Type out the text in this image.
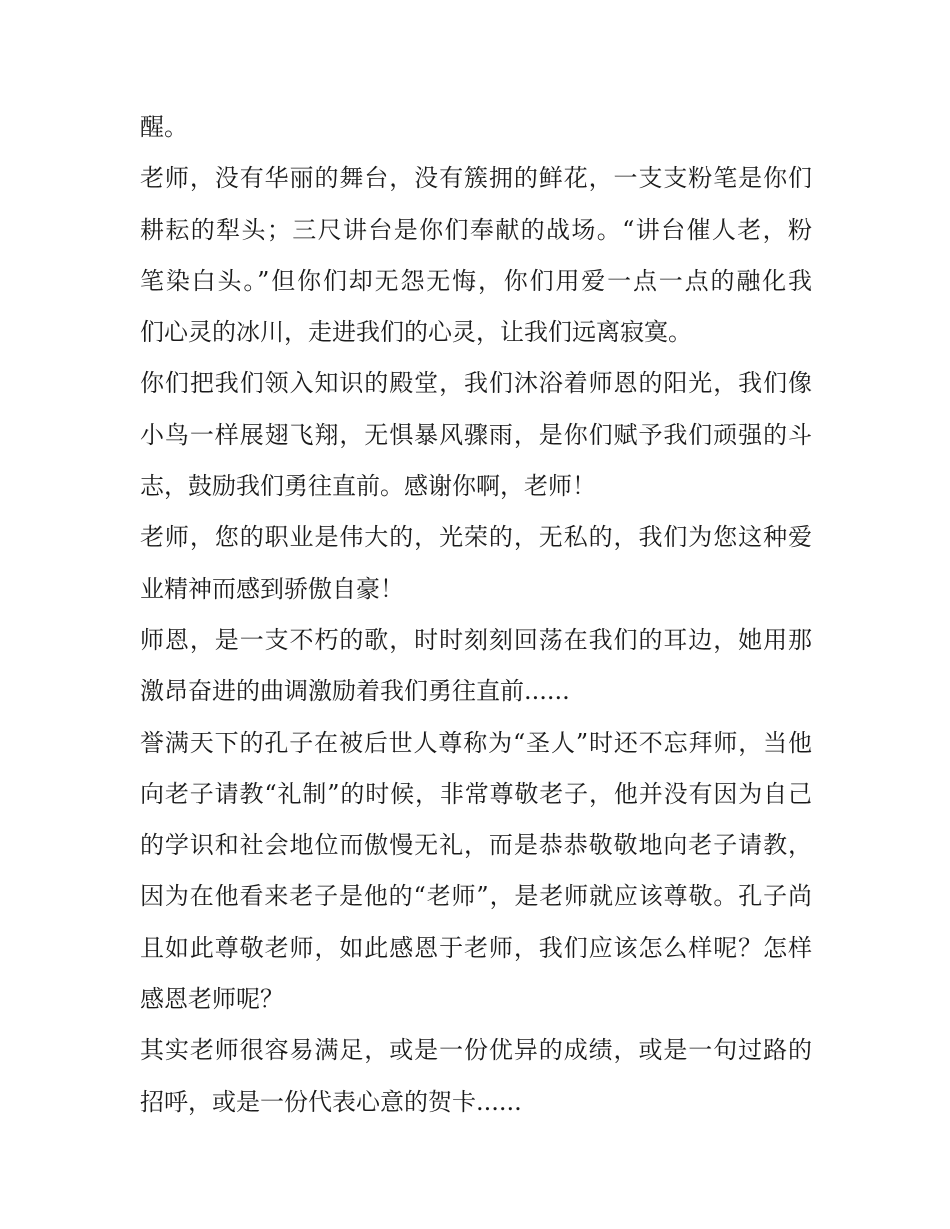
醒。

老师，没有华丽的舞台，没有簇拥的鲜花，一支支粉笔是你们
耕耘的犁头；三尺讲台是你们奉献的战场。“讲台催人老，粉
笔染白头。”但你们却无怨无悔，你们用爱一点一点的融化我
们心灵的冰川，走进我们的心灵，让我们远离寂寞。

你们把我们领入知识的殿堂，我们沐浴着师恩的阳光，我们像
小鸟一样展翅飞翔，无惧暴风骤雨，是你们赋予我们顽强的斗
志，鼓励我们勇往直前。感谢你啊，老师！

老师，您的职业是伟大的，光荣的，无私的，我们为您这种爱
业精神而感到骄傲自豪！

师恩，是一支不朽的歌，时时刻刻回荡在我们的耳边，她用那
激昂奋进的曲调激励着我们勇往直前......

誉满天下的孔子在被后世人尊称为“圣人”时还不忘拜师，当他
向老子请教“礼制”的时候，非常尊敬老子，他并没有因为自己
的学识和社会地位而傲慢无礼，而是恭恭敬敬地向老子请教，
因为在他看来老子是他的“老师”，是老师就应该尊敬。孔子尚
且如此尊敬老师，如此感恩于老师，我们应该怎么样呢？怎样
感恩老师呢？

其实老师很容易满足，或是一份优异的成绩，或是一句过路的
招呼，或是一份代表心意的贺卡......
